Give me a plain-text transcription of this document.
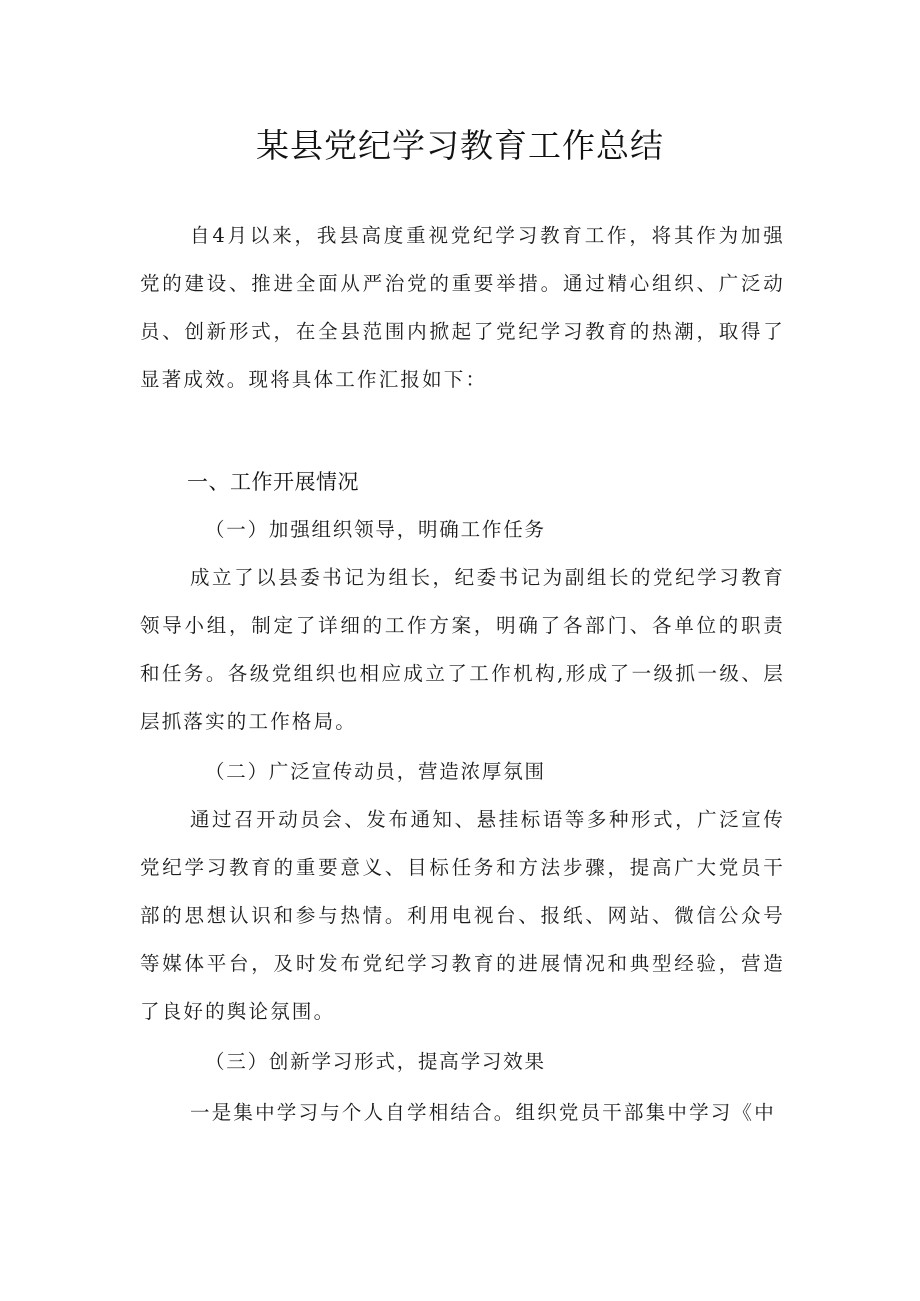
某县党纪学习教育工作总结

自4月以来，我县高度重视党纪学习教育工作，将其作为加强党的建设、推进全面从严治党的重要举措。通过精心组织、广泛动员、创新形式，在全县范围内掀起了党纪学习教育的热潮，取得了显著成效。现将具体工作汇报如下：

一、工作开展情况
（一）加强组织领导，明确工作任务

成立了以县委书记为组长，纪委书记为副组长的党纪学习教育领导小组，制定了详细的工作方案，明确了各部门、各单位的职责和任务。各级党组织也相应成立了工作机构,形成了一级抓一级、层层抓落实的工作格局。

（二）广泛宣传动员，营造浓厚氛围

通过召开动员会、发布通知、悬挂标语等多种形式，广泛宣传党纪学习教育的重要意义、目标任务和方法步骤，提高广大党员干部的思想认识和参与热情。利用电视台、报纸、网站、微信公众号等媒体平台，及时发布党纪学习教育的进展情况和典型经验，营造了良好的舆论氛围。

（三）创新学习形式，提高学习效果

一是集中学习与个人自学相结合。组织党员干部集中学习《中
